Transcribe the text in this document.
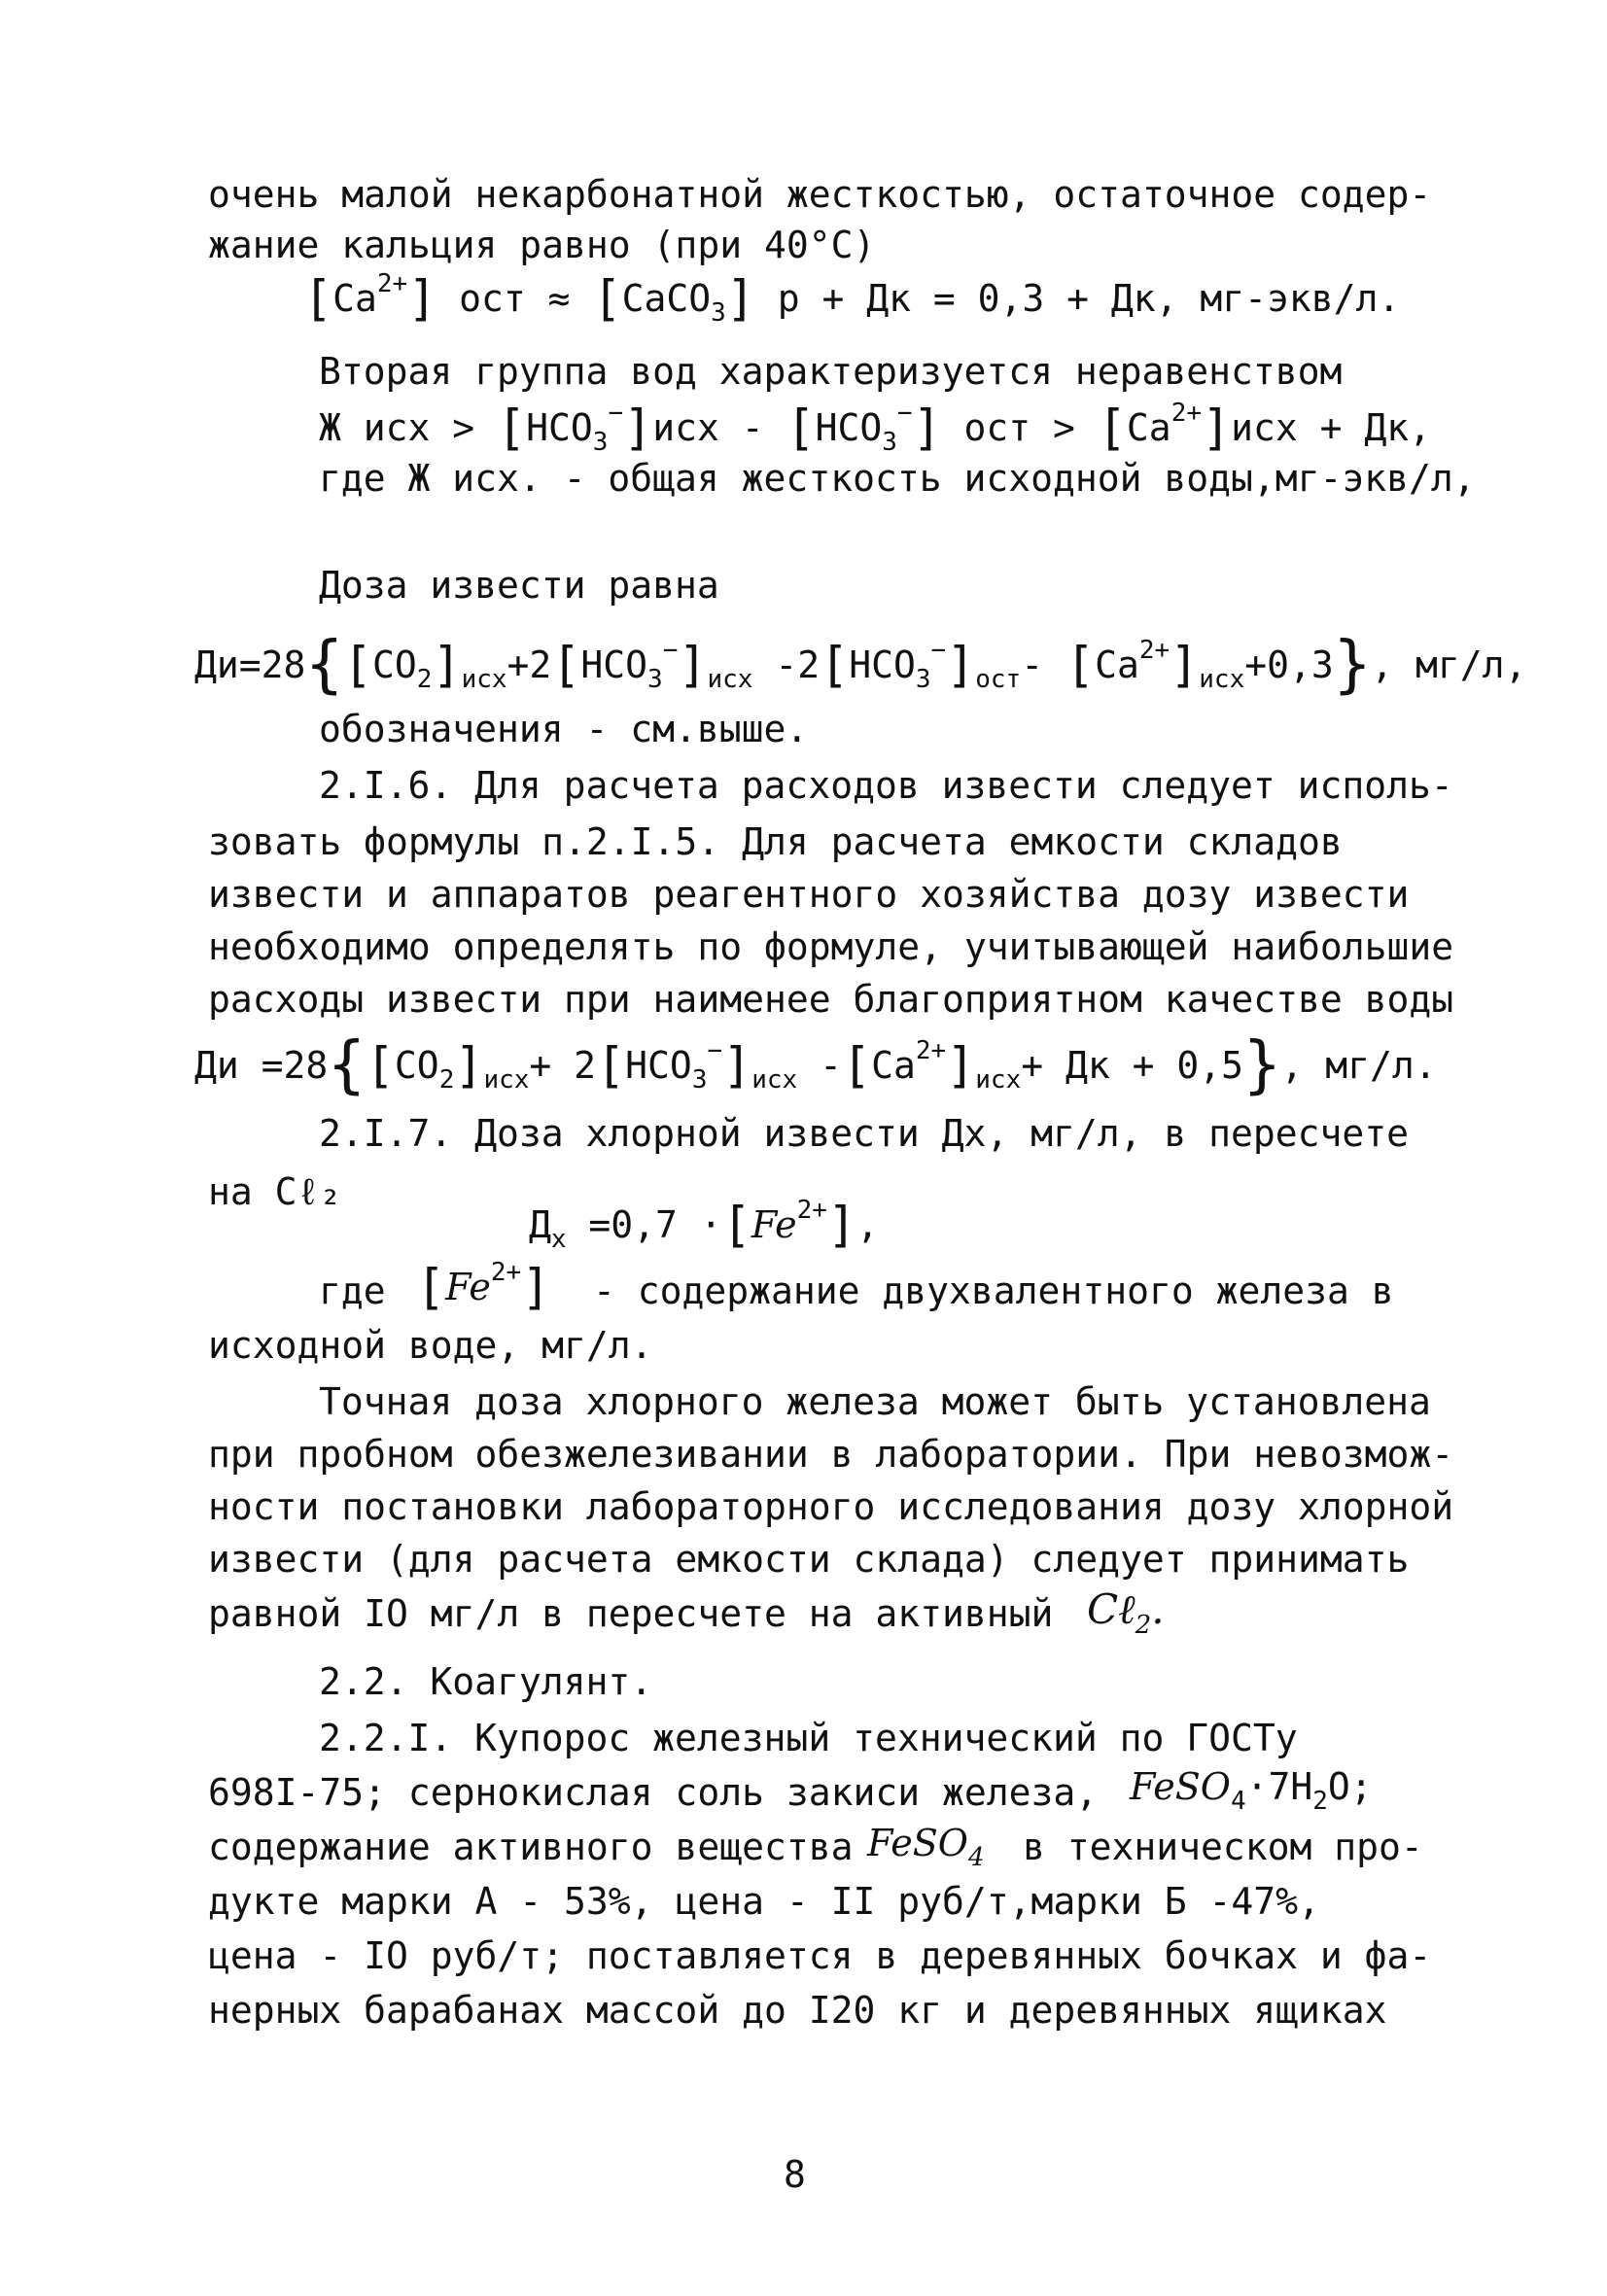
очень малой некарбонатной жесткостью, остаточное содер-
жание кальция равно (при 40°С)
$[Ca^{2+}]$ ост ≈ [CaCO$_3$] р + Дк = 0,3 + Дк, мг-экв/л.
Вторая группа вод характеризуется неравенством
Ж исх > $[HCO_3^-]исх - [HCO_3^-]$ ост > $[Ca^{2+}]исх$ + Дк,
где Ж исх. - общая жесткость исходной воды,мг-экв/л,
Доза извести равна
$Ди=28\{[CO_2]_{исх}+2[HCO_3^-]_{исх}$ $-2[HCO_3^-]_{ост}-$ $[Ca^{2+}]_{исх}+0,3$}, мг/л,
обозначения - см.выше.
2.I.6. Для расчета расходов извести следует исполь-
зовать формулы п.2.I.5. Для расчета емкости складов
извести и аппаратов реагентного хозяйства дозу извести
необходимо определять по формуле, учитывающей наибольшие
расходы извести при наименее благоприятном качестве воды
Ди $=28\{[CO_2]_{исх}+ 2[HCO_3^-]_{исх}$ $-[Ca^{2+}]_{исх}+$ Дк + 0,5}, мг/л.
2.I.7. Доза хлорной извести Дх, мг/л, в пересчете
на Сℓ₂
$Д_х =0,7 \cdot[Fe^{2+}]$,
где $[Fe^{2+}]$ - содержание двухвалентного железа в
исходной воде, мг/л.
Точная доза хлорного железа может быть установлена
при пробном обезжелезивании в лаборатории. При невозмож-
ности постановки лабораторного исследования дозу хлорной
извести (для расчета емкости склада) следует принимать
равной IO мг/л в пересчете на активный Сℓ$_2$.
2.2. Коагулянт.
2.2.I. Купорос железный технический по ГОСТу
698I-75; сернокислая соль закиси железа, $FeSO_4\cdot 7H_2O$;
содержание активного вещества FeSO$_4$ в техническом про-
дукте марки А - 53%, цена - II руб/т,марки Б -47%,
цена - IO руб/т; поставляется в деревянных бочках и фа-
нерных барабанах массой до I20 кг и деревянных ящиках
8
